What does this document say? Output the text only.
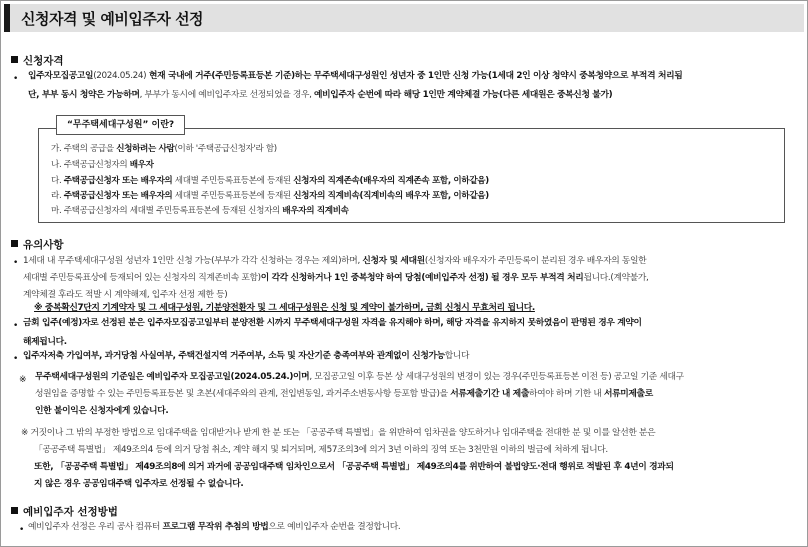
신청자격 및 예비입주자 선정
신청자격
• 입주자모집공고일(2024.05.24) 현재 국내에 거주(주민등록표등본 기준)하는 무주택세대구성원인 성년자 중 1인만 신청 가능(1세대 2인 이상 청약시 중복청약으로 부적격 처리됨
단, 부부 동시 청약은 가능하며, 부부가 동시에 예비입주자로 선정되었을 경우, 예비입주자 순번에 따라 해당 1인만 계약체결 가능(다른 세대원은 중복신청 불가)
“무주택세대구성원” 이란?
가. 주택의 공급을 신청하려는 사람(이하 '주택공급신청자'라 함)
나. 주택공급신청자의 배우자
다. 주택공급신청자 또는 배우자의 세대별 주민등록표등본에 등재된 신청자의 직계존속(배우자의 직계존속 포함, 이하같음)
라. 주택공급신청자 또는 배우자의 세대별 주민등록표등본에 등재된 신청자의 직계비속(직계비속의 배우자 포함, 이하같음)
마. 주택공급신청자의 세대별 주민등록표등본에 등재된 신청자의 배우자의 직계비속
유의사항
• 1세대 내 무주택세대구성원 성년자 1인만 신청 가능(부부가 각각 신청하는 경우는 제외)하며, 신청자 및 세대원(신청자와 배우자가 주민등록이 분리된 경우 배우자의 동일한
세대별 주민등록표상에 등재되어 있는 신청자의 직계존비속 포함)이 각각 신청하거나 1인 중복청약 하여 당첨(예비입주자 선정) 될 경우 모두 부적격 처리됩니다.(계약불가,
계약체결 후라도 적발 시 계약해제, 입주자 선정 제한 등)
※ 중복확신7단지 기계약자 및 그 세대구성원, 기분양전환자 및 그 세대구성원은 신청 및 계약이 불가하며, 금회 신청시 무효처리 됩니다.
• 금회 입주(예정)자로 선정된 분은 입주자모집공고일부터 분양전환 시까지 무주택세대구성원 자격을 유지해야 하며, 해당 자격을 유지하지 못하였음이 판명된 경우 계약이
해제됩니다.
• 입주자저축 가입여부, 과거당첨 사실여부, 주택건설지역 거주여부, 소득 및 자산기준 충족여부와 관계없이 신청가능합니다
※ 무주택세대구성원의 기준일은 예비입주자 모집공고일(2024.05.24.)이며, 모집공고일 이후 등본 상 세대구성원의 변경이 있는 경우(주민등록표등본 이전 등) 공고일 기준 세대구
성원임을 증명할 수 있는 주민등록표등본 및 초본(세대주와의 관계, 전입변동일, 과거주소변동사항 등포함 발급)을 서류제출기간 내 제출하여야 하며 기한 내 서류미제출로
인한 불이익은 신청자에게 있습니다.
※ 거짓이나 그 밖의 부정한 방법으로 임대주택을 임대받거나 받게 한 분 또는 「공공주택 특별법」을 위반하여 임차권을 양도하거나 임대주택을 전대한 분 및 이를 알선한 분은
「공공주택 특별법」 제49조의4 등에 의거 당첨 취소, 계약 해지 및 퇴거되며, 제57조의3에 의거 3년 이하의 징역 또는 3천만원 이하의 벌금에 처하게 됩니다.
또한, 「공공주택 특별법」 제49조의8에 의거 과거에 공공임대주택 임차인으로서 「공공주택 특별법」 제49조의4를 위반하여 불법양도·전대 행위로 적발된 후 4년이 경과되
지 않은 경우 공공임대주택 입주자로 선정될 수 없습니다.
예비입주자 선정방법
• 예비입주자 선정은 우리 공사 컴퓨터 프로그램 무작위 추첨의 방법으로 예비입주자 순번을 결정합니다.
